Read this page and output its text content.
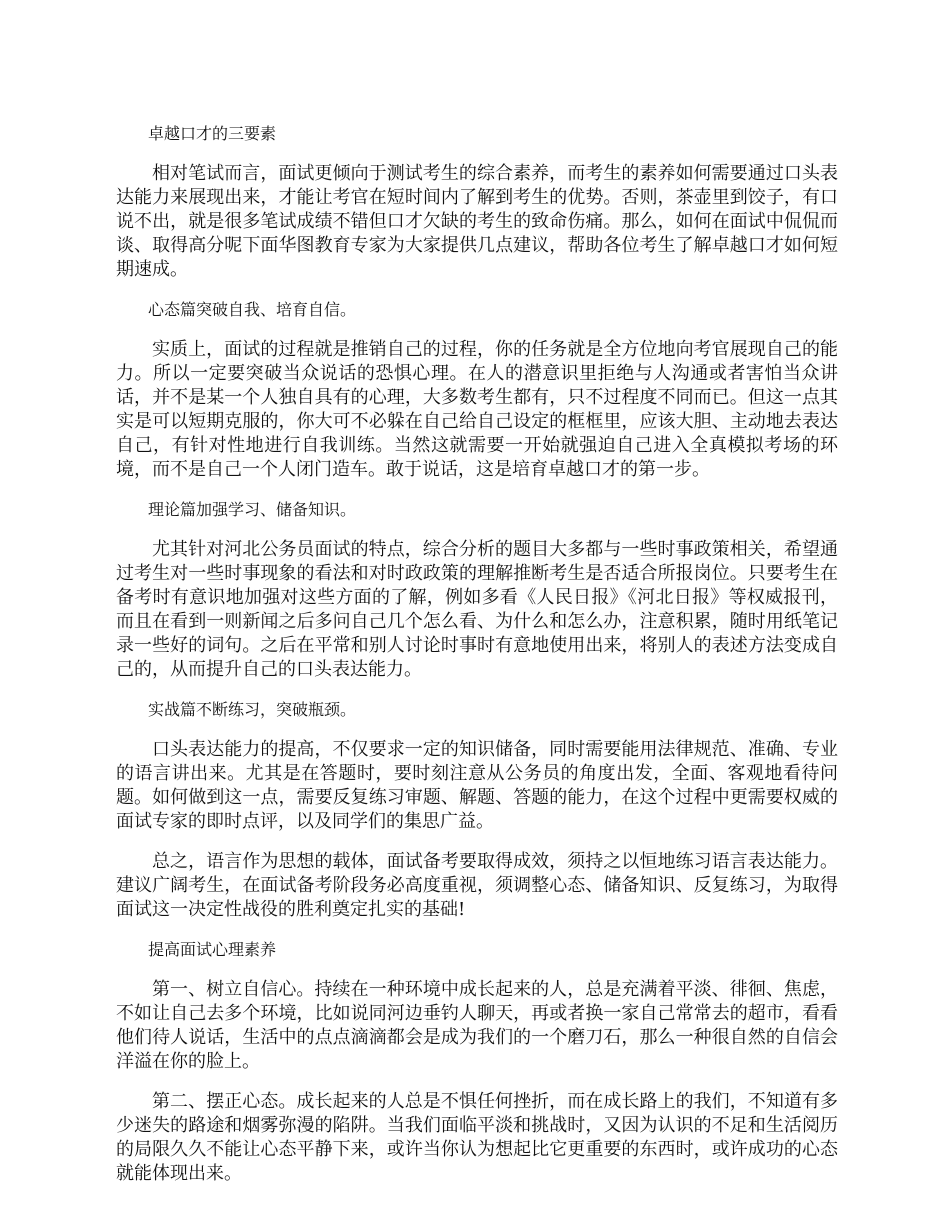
卓越口才的三要素

相对笔试而言，面试更倾向于测试考生的综合素养，而考生的素养如何需要通过口头表达能力来展现出来，才能让考官在短时间内了解到考生的优势。否则，茶壶里到饺子，有口说不出，就是很多笔试成绩不错但口才欠缺的考生的致命伤痛。那么，如何在面试中侃侃而谈、取得高分呢下面华图教育专家为大家提供几点建议，帮助各位考生了解卓越口才如何短期速成。

心态篇突破自我、培育自信。

实质上，面试的过程就是推销自己的过程，你的任务就是全方位地向考官展现自己的能力。所以一定要突破当众说话的恐惧心理。在人的潜意识里拒绝与人沟通或者害怕当众讲话，并不是某一个人独自具有的心理，大多数考生都有，只不过程度不同而已。但这一点其实是可以短期克服的，你大可不必躲在自己给自己设定的框框里，应该大胆、主动地去表达自己，有针对性地进行自我训练。当然这就需要一开始就强迫自己进入全真模拟考场的环境，而不是自己一个人闭门造车。敢于说话，这是培育卓越口才的第一步。

理论篇加强学习、储备知识。

尤其针对河北公务员面试的特点，综合分析的题目大多都与一些时事政策相关，希望通过考生对一些时事现象的看法和对时政政策的理解推断考生是否适合所报岗位。只要考生在备考时有意识地加强对这些方面的了解，例如多看《人民日报》《河北日报》等权威报刊，而且在看到一则新闻之后多问自己几个怎么看、为什么和怎么办，注意积累，随时用纸笔记录一些好的词句。之后在平常和别人讨论时事时有意地使用出来，将别人的表述方法变成自己的，从而提升自己的口头表达能力。

实战篇不断练习，突破瓶颈。

口头表达能力的提高，不仅要求一定的知识储备，同时需要能用法律规范、准确、专业的语言讲出来。尤其是在答题时，要时刻注意从公务员的角度出发，全面、客观地看待问题。如何做到这一点，需要反复练习审题、解题、答题的能力，在这个过程中更需要权威的面试专家的即时点评，以及同学们的集思广益。

总之，语言作为思想的载体，面试备考要取得成效，须持之以恒地练习语言表达能力。建议广阔考生，在面试备考阶段务必高度重视，须调整心态、储备知识、反复练习，为取得面试这一决定性战役的胜利奠定扎实的基础!

提高面试心理素养

第一、树立自信心。持续在一种环境中成长起来的人，总是充满着平淡、徘徊、焦虑，不如让自己去多个环境，比如说同河边垂钓人聊天，再或者换一家自己常常去的超市，看看他们待人说话，生活中的点点滴滴都会是成为我们的一个磨刀石，那么一种很自然的自信会洋溢在你的脸上。

第二、摆正心态。成长起来的人总是不惧任何挫折，而在成长路上的我们，不知道有多少迷失的路途和烟雾弥漫的陷阱。当我们面临平淡和挑战时，又因为认识的不足和生活阅历的局限久久不能让心态平静下来，或许当你认为想起比它更重要的东西时，或许成功的心态就能体现出来。
